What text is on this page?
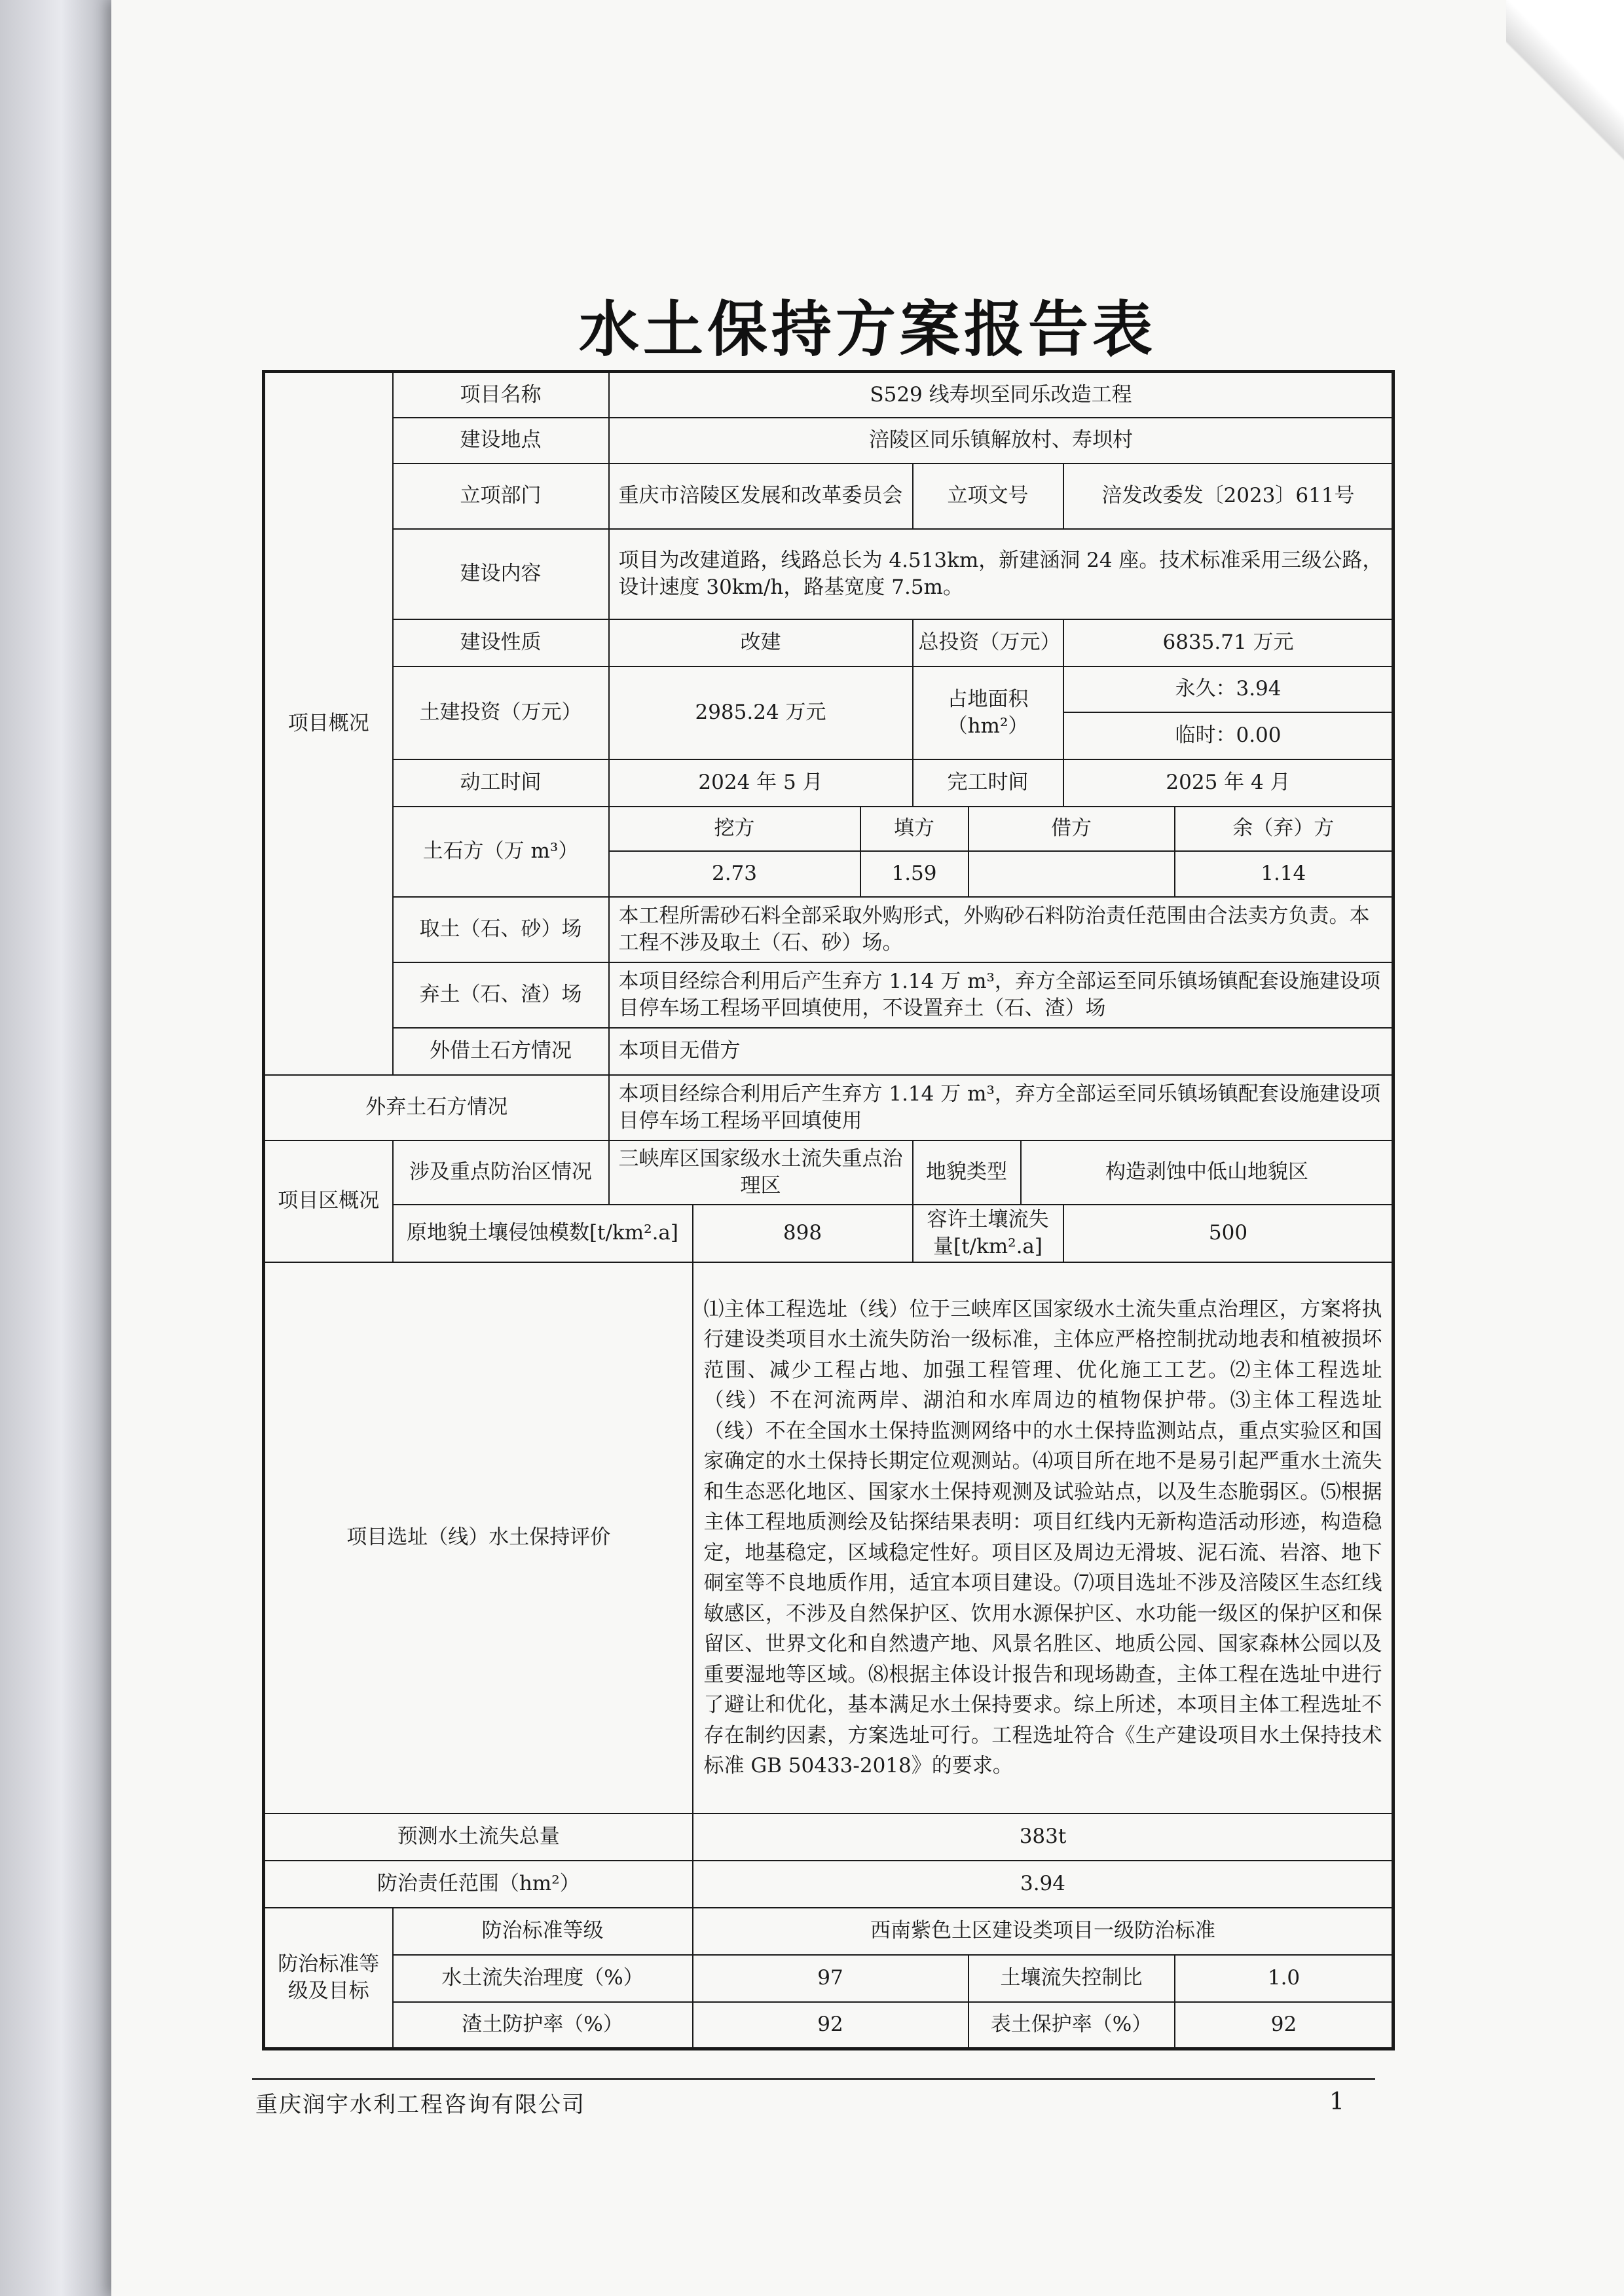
水土保持方案报告表
项目概况	项目名称	S529 线寿坝至同乐改造工程							
	建设地点	涪陵区同乐镇解放村、寿坝村							
	立项部门	重庆市涪陵区发展和改革委员会			立项文号			涪发改委发〔2023〕611号	
	建设内容	项目为改建道路，线路总长为 4.513km，新建涵洞 24 座。技术标准采用三级公路，设计速度 30km/h，路基宽度 7.5m。							
	建设性质	改建			总投资（万元）			6835.71 万元	
	土建投资（万元）	2985.24 万元			占地面积（hm²）			永久：3.94	
								临时：0.00	
	动工时间	2024 年 5 月			完工时间			2025 年 4 月	
	土石方（万 m³）	挖方		填方		借方			余（弃）方
		2.73		1.59					1.14
	取土（石、砂）场	本工程所需砂石料全部采取外购形式，外购砂石料防治责任范围由合法卖方负责。本工程不涉及取土（石、砂）场。							
	弃土（石、渣）场	本项目经综合利用后产生弃方 1.14 万 m³，弃方全部运至同乐镇场镇配套设施建设项目停车场工程场平回填使用，不设置弃土（石、渣）场							
	外借土石方情况	本项目无借方							
外弃土石方情况		本项目经综合利用后产生弃方 1.14 万 m³，弃方全部运至同乐镇场镇配套设施建设项目停车场工程场平回填使用							
项目区概况	涉及重点防治区情况	三峡库区国家级水土流失重点治理区			地貌类型		构造剥蚀中低山地貌区		
	原地貌土壤侵蚀模数[t/km².a]		898		容许土壤流失量[t/km².a]			500	
项目选址（线）水土保持评价			⑴主体工程选址（线）位于三峡库区国家级水土流失重点治理区，方案将执行建设类项目水土流失防治一级标准，主体应严格控制扰动地表和植被损坏范围、减少工程占地、加强工程管理、优化施工工艺。⑵主体工程选址（线）不在河流两岸、湖泊和水库周边的植物保护带。⑶主体工程选址（线）不在全国水土保持监测网络中的水土保持监测站点，重点实验区和国家确定的水土保持长期定位观测站。⑷项目所在地不是易引起严重水土流失和生态恶化地区、国家水土保持观测及试验站点，以及生态脆弱区。⑸根据主体工程地质测绘及钻探结果表明：项目红线内无新构造活动形迹，构造稳定，地基稳定，区域稳定性好。项目区及周边无滑坡、泥石流、岩溶、地下硐室等不良地质作用，适宜本项目建设。⑺项目选址不涉及涪陵区生态红线敏感区，不涉及自然保护区、饮用水源保护区、水功能一级区的保护区和保留区、世界文化和自然遗产地、风景名胜区、地质公园、国家森林公园以及重要湿地等区域。⑻根据主体设计报告和现场勘查，主体工程在选址中进行了避让和优化，基本满足水土保持要求。综上所述，本项目主体工程选址不存在制约因素，方案选址可行。工程选址符合《生产建设项目水土保持技术标准 GB 50433-2018》的要求。						
预测水土流失总量			383t						
防治责任范围（hm²）			3.94						
防治标准等级及目标	防治标准等级		西南紫色土区建设类项目一级防治标准						
	水土流失治理度（%）		97			土壤流失控制比			1.0
	渣土防护率（%）		92			表土保护率（%）			92
重庆润宇水利工程咨询有限公司	1
